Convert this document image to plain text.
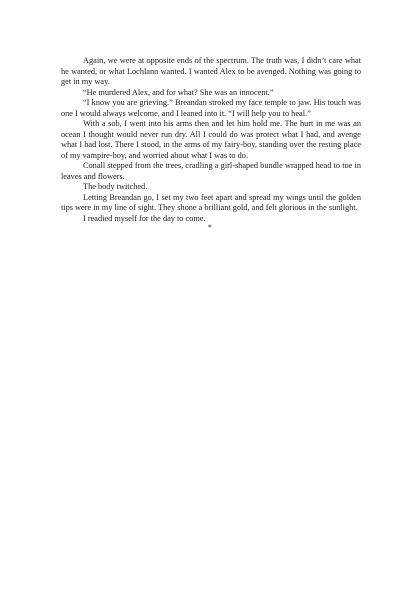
Again, we were at opposite ends of the spectrum. The truth was, I didn’t care what he wanted, or what Lochlann wanted. I wanted Alex to be avenged. Nothing was going to get in my way.

“He murdered Alex, and for what? She was an innocent.”

“I know you are grieving.” Breandan stroked my face temple to jaw. His touch was one I would always welcome, and I leaned into it. “I will help you to heal.”

With a sob, I went into his arms then and let him hold me. The hurt in me was an ocean I thought would never run dry. All I could do was protect what I had, and avenge what I had lost. There I stood, in the arms of my fairy-boy, standing over the resting place of my vampire-boy, and worried about what I was to do.

Conall stepped from the trees, cradling a girl-shaped bundle wrapped head to toe in leaves and flowers.

The body twitched.

Letting Breandan go, I set my two feet apart and spread my wings until the golden tips were in my line of sight. They shone a brilliant gold, and felt glorious in the sunlight.

I readied myself for the day to come.

*
